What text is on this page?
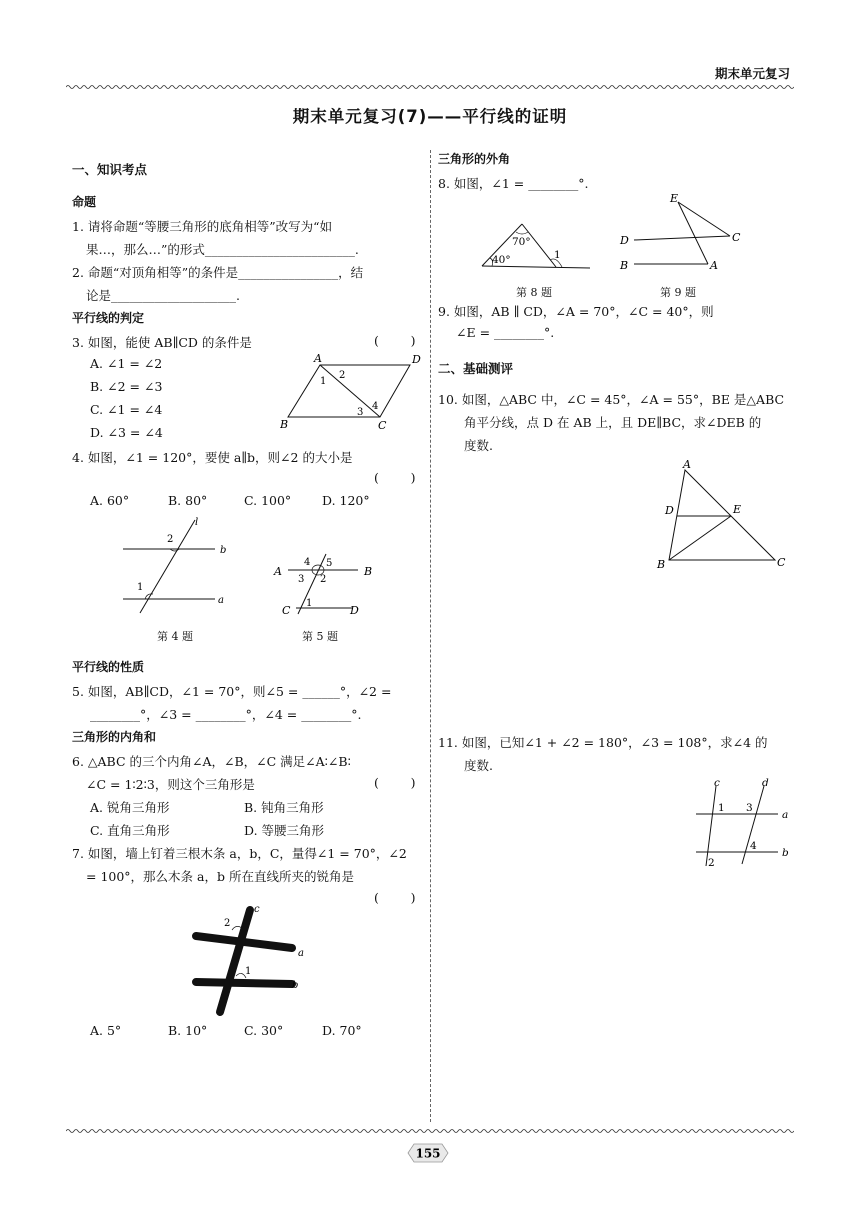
期末单元复习
期末单元复习(7)——平行线的证明
一、知识考点
命题
1. 请将命题“等腰三角形的底角相等”改写为“如
果…，那么…”的形式________________________.
2. 命题“对顶角相等”的条件是________________，结
论是____________________.
平行线的判定
3. 如图，能使 AB∥CD 的条件是	(        )
A. ∠1 = ∠2
B. ∠2 = ∠3
C. ∠1 = ∠4
D. ∠3 = ∠4
4. 如图，∠1 = 120°，要使 a∥b，则∠2 的大小是
(        )
A. 60°	B. 80°	C. 100° D. 120°
第 4 题	第 5 题
平行线的性质
5. 如图，AB∥CD，∠1 = 70°，则∠5 = ______°，∠2 =
________°，∠3 = ________°，∠4 = ________°.
三角形的内角和
6. △ABC 的三个内角∠A，∠B，∠C 满足∠A∶∠B∶
∠C = 1∶2∶3，则这个三角形是	(        )
A. 锐角三角形	B. 钝角三角形
C. 直角三角形	D. 等腰三角形
7. 如图，墙上钉着三根木条 a，b，C，量得∠1 = 70°，∠2
= 100°，那么木条 a，b 所在直线所夹的锐角是
(        )
A. 5°	B. 10°	C. 30°	D. 70°
A	D
B	C
1
2
3
4
l
b
a
2
1
A	B
C	D
1
4 5
3 2
c
a
b
2
1
三角形的外角
8. 如图，∠1 = ________°.
第 8 题	第 9 题
9. 如图，AB ∥ CD，∠A = 70°，∠C = 40°，则
∠E = ________°.
二、基础测评
10. 如图，△ABC 中，∠C = 45°，∠A = 55°，BE 是△ABC
角平分线，点 D 在 AB 上，且 DE∥BC，求∠DEB 的
度数.
11. 如图，已知∠1 + ∠2 = 180°，∠3 = 108°，求∠4 的
度数.
70°
40°	1
E
D	C
B	A
A
D	E
B	C
c	d
a
b
1 3
4
2
155
